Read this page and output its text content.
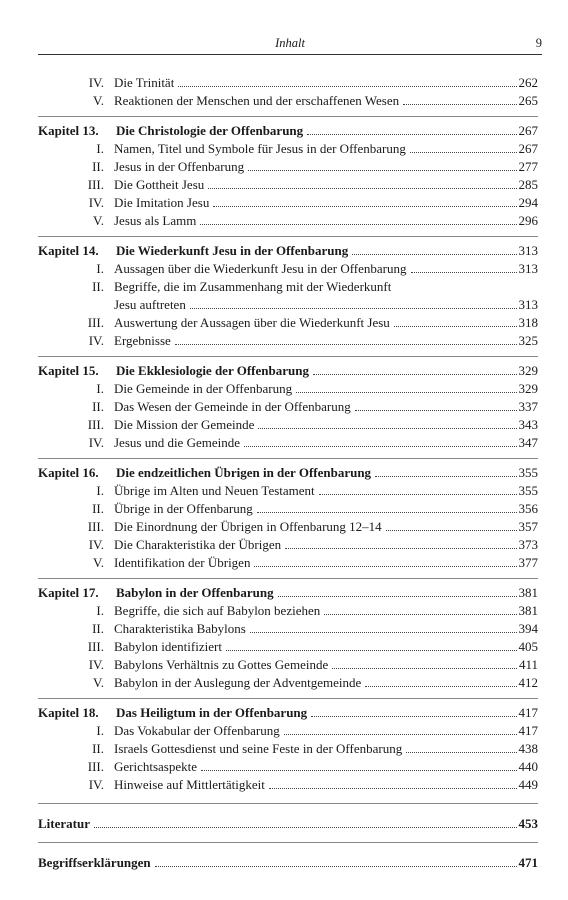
Inhalt	9
IV. Die Trinität	262
V. Reaktionen der Menschen und der erschaffenen Wesen	265
Kapitel 13.	Die Christologie der Offenbarung	267
I. Namen, Titel und Symbole für Jesus in der Offenbarung	267
II. Jesus in der Offenbarung	277
III. Die Gottheit Jesu	285
IV. Die Imitation Jesu	294
V. Jesus als Lamm	296
Kapitel 14.	Die Wiederkunft Jesu in der Offenbarung	313
I. Aussagen über die Wiederkunft Jesu in der Offenbarung	313
II. Begriffe, die im Zusammenhang mit der Wiederkunft
Jesu auftreten	313
III. Auswertung der Aussagen über die Wiederkunft Jesu	318
IV. Ergebnisse	325
Kapitel 15.	Die Ekklesiologie der Offenbarung	329
I. Die Gemeinde in der Offenbarung	329
II. Das Wesen der Gemeinde in der Offenbarung	337
III. Die Mission der Gemeinde	343
IV. Jesus und die Gemeinde	347
Kapitel 16.	Die endzeitlichen Übrigen in der Offenbarung	355
I. Übrige im Alten und Neuen Testament	355
II. Übrige in der Offenbarung	356
III. Die Einordnung der Übrigen in Offenbarung 12–14	357
IV. Die Charakteristika der Übrigen	373
V. Identifikation der Übrigen	377
Kapitel 17.	Babylon in der Offenbarung	381
I. Begriffe, die sich auf Babylon beziehen	381
II. Charakteristika Babylons	394
III. Babylon identifiziert	405
IV. Babylons Verhältnis zu Gottes Gemeinde	411
V. Babylon in der Auslegung der Adventgemeinde	412
Kapitel 18.	Das Heiligtum in der Offenbarung	417
I. Das Vokabular der Offenbarung	417
II. Israels Gottesdienst und seine Feste in der Offenbarung	438
III. Gerichtsaspekte	440
IV. Hinweise auf Mittlertätigkeit	449
Literatur	453
Begriffserklärungen	471
